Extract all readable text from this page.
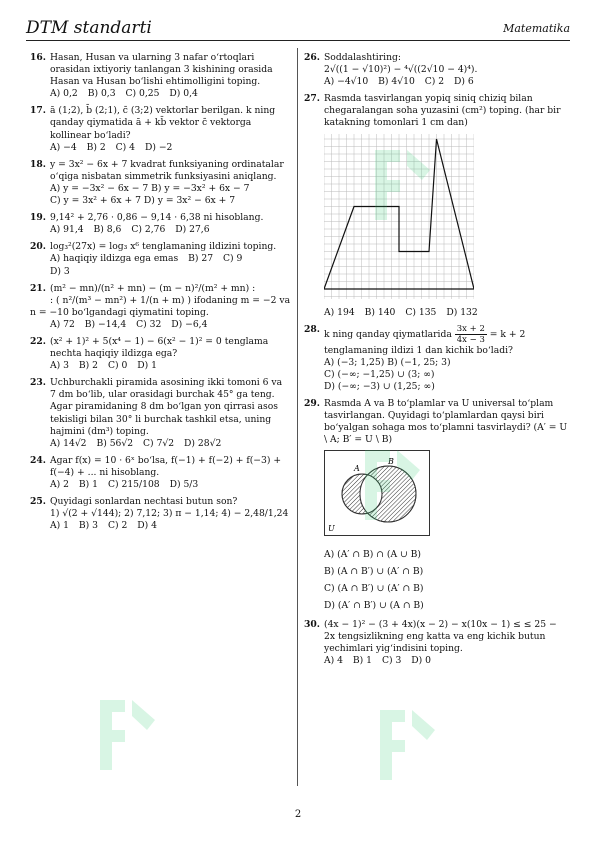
DTM standarti	Matematika
16. Hasan, Husan va ularning 3 nafar o‘rtoqlari orasidan ixtiyoriy tanlangan 3 kishining orasida Hasan va Husan bo‘lishi ehtimolligini toping.
A) 0,2 B) 0,3 C) 0,25 D) 0,4
17. ā (1;2), b̄ (2;1), c̄ (3;2) vektorlar berilgan. k ning qanday qiymatida ā + kb̄ vektor c̄ vektorga kollinear bo‘ladi?
A) −4 B) 2 C) 4 D) −2
18. y = 3x² − 6x + 7 kvadrat funksiyaning ordinatalar o‘qiga nisbatan simmetrik funksiyasini aniqlang.
A) y = −3x² − 6x − 7 B) y = −3x² + 6x − 7
C) y = 3x² + 6x + 7 D) y = 3x² − 6x + 7
19. 9,14² + 2,76 · 0,86 − 9,14 · 6,38 ni hisoblang.
A) 91,4 B) 8,6 C) 2,76 D) 27,6
20. log₃²(27x) = log₃ x⁶ tenglamaning ildizini toping.
A) haqiqiy ildizga ega emas B) 27 C) 9
D) 3
21. (m² − mn)/(n² + mn) − (m − n)²/(m² + mn) :
: ( n²/(m³ − mn²) + 1/(n + m) ) ifodaning m = −2 va
n = −10 bo‘lgandagi qiymatini toping.
A) 72 B) −14,4 C) 32 D) −6,4
22. (x² + 1)² + 5(x⁴ − 1) − 6(x² − 1)² = 0 tenglama nechta haqiqiy ildizga ega?
A) 3 B) 2 C) 0 D) 1
23. Uchburchakli piramida asosining ikki tomoni 6 va 7 dm bo‘lib, ular orasidagi burchak 45° ga teng. Agar piramidaning 8 dm bo‘lgan yon qirrasi asos tekisligi bilan 30° li burchak tashkil etsa, uning hajmini (dm³) toping.
A) 14√2 B) 56√2 C) 7√2 D) 28√2
24. Agar f(x) = 10 · 6ˣ bo‘lsa, f(−1) + f(−2) + f(−3) + f(−4) + ... ni hisoblang.
A) 2 B) 1 C) 215/108 D) 5/3
25. Quyidagi sonlardan nechtasi butun son?
1) √(2 + √144); 2) 7,12; 3) π − 1,14; 4) − 2,48/1,24
A) 1 B) 3 C) 2 D) 4
26. Soddalashtiring:
2√((1 − √10)²) − ⁴√((2√10 − 4)⁴).
A) −4√10 B) 4√10 C) 2 D) 6
27. Rasmda tasvirlangan yopiq siniq chiziq bilan chegaralangan soha yuzasini (cm²) toping. (har bir katakning tomonlari 1 cm dan)
A) 194 B) 140 C) 135 D) 132
28. k ning qanday qiymatlarida $\frac{3x + 2}{4x - 3} = k + 2$
tenglamaning ildizi 1 dan kichik bo‘ladi?
A) (−3; 1,25) B) (−1, 25; 3)
C) (−∞; −1,25) ∪ (3; ∞)
D) (−∞; −3) ∪ (1,25; ∞)
29. Rasmda A va B to‘plamlar va U universal to‘plam tasvirlangan. Quyidagi to‘plamlardan qaysi biri bo‘yalgan sohaga mos to‘plamni tasvirlaydi? (A′ = U \ A; B′ = U \ B)
A
B
U
A) (A′ ∩ B) ∩ (A ∪ B)
B) (A ∩ B′) ∪ (A′ ∩ B)
C) (A ∩ B′) ∪ (A′ ∩ B)
D) (A′ ∩ B′) ∪ (A ∩ B)
30. (4x − 1)² − (3 + 4x)(x − 2) − x(10x − 1) ≤ ≤ 25 − 2x tengsizlikning eng katta va eng kichik butun yechimlari yig‘indisini toping.
A) 4 B) 1 C) 3 D) 0
2
